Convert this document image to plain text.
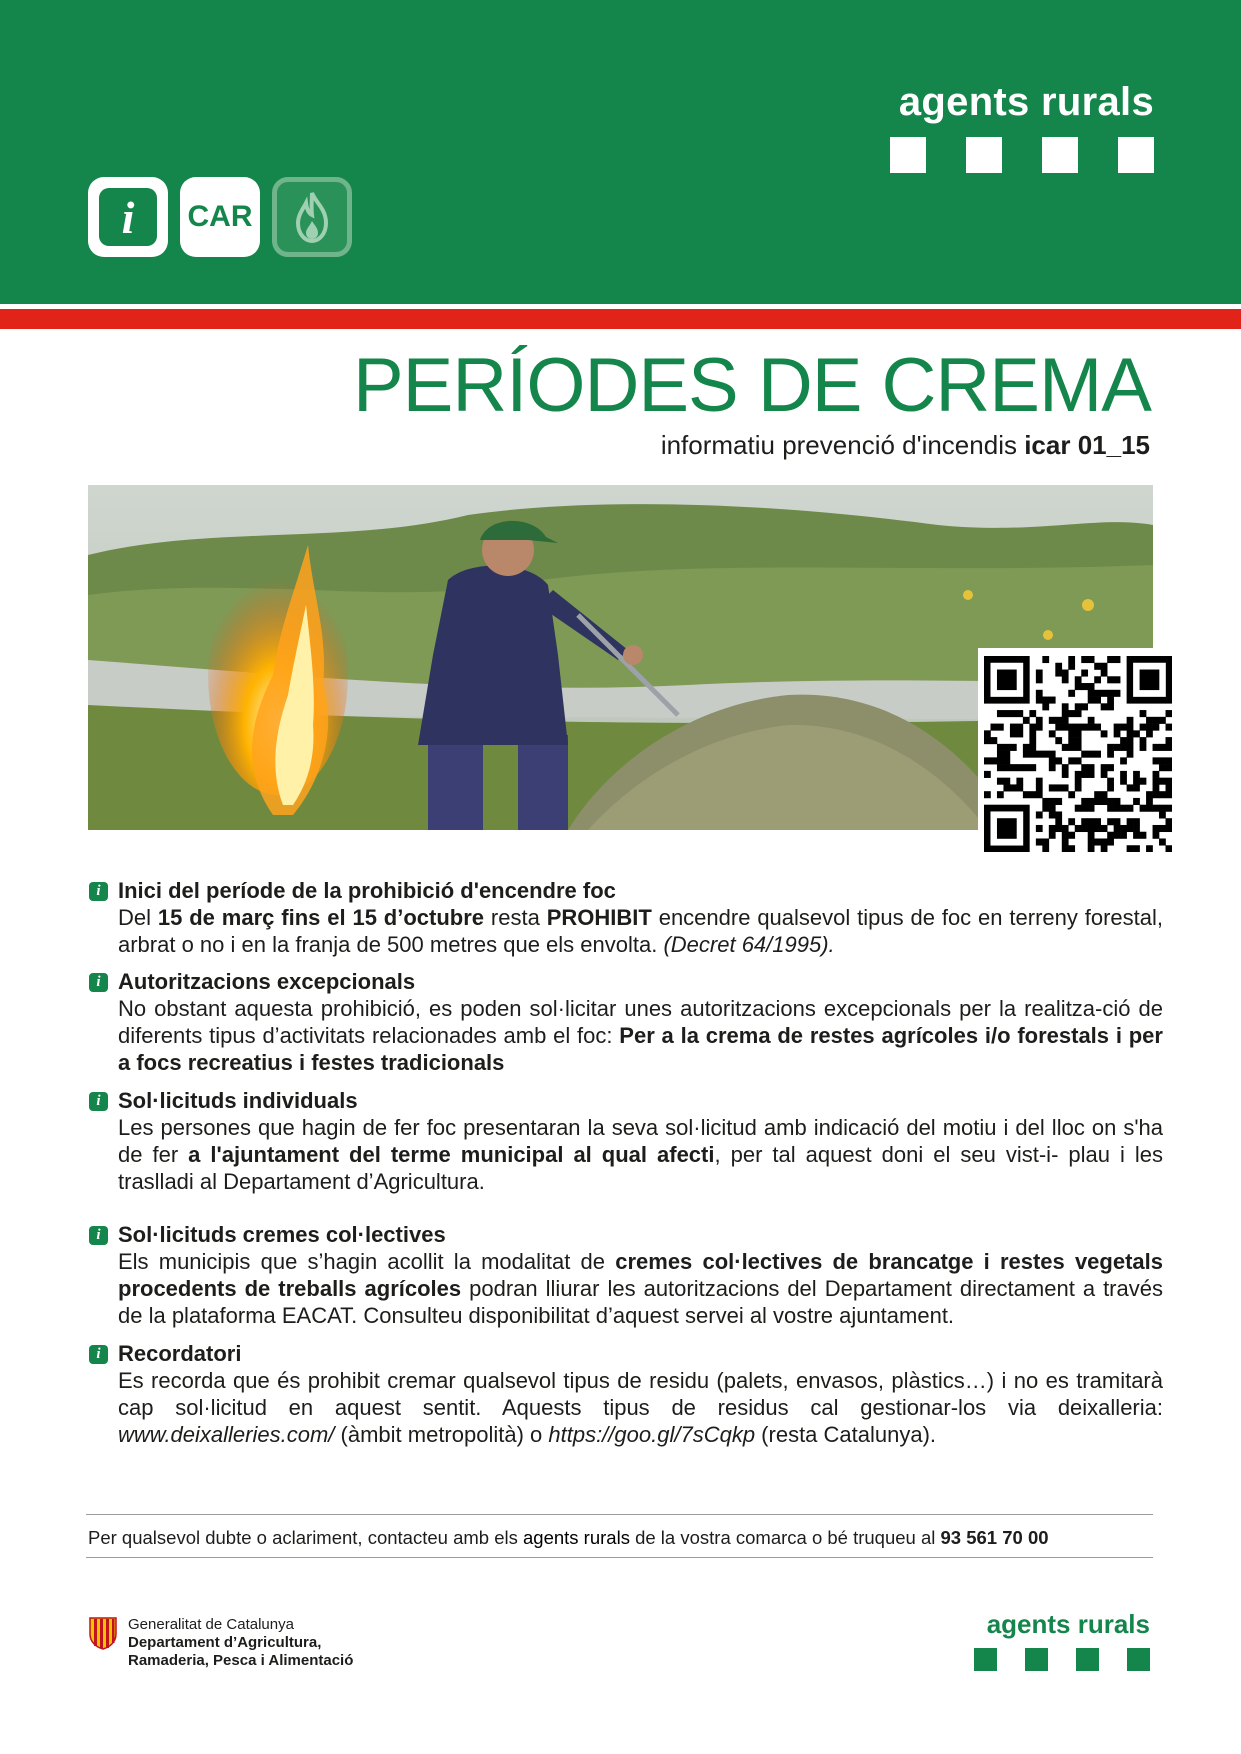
agents rurals
i	CAR
PERÍODES DE CREMA
informatiu prevenció d'incendis icar 01_15
i Inici del període de la prohibició d'encendre foc
Del 15 de març fins el 15 d’octubre resta PROHIBIT encendre qualsevol tipus de foc en terreny forestal, arbrat o no i en la franja de 500 metres que els envolta. (Decret 64/1995).
i Autoritzacions excepcionals
No obstant aquesta prohibició, es poden sol·licitar unes autoritzacions excepcionals per la realitza-ció de diferents tipus d’activitats relacionades amb el foc: Per a la crema de restes agrícoles i/o forestals i per a focs recreatius i festes tradicionals
i Sol·licituds individuals
Les persones que hagin de fer foc presentaran la seva sol·licitud amb indicació del motiu i del lloc on s'ha de fer a l'ajuntament del terme municipal al qual afecti, per tal aquest doni el seu vist-i- plau i les traslladi al Departament d’Agricultura.
i Sol·licituds cremes col·lectives
Els municipis que s’hagin acollit la modalitat de cremes col·lectives de brancatge i restes vegetals procedents de treballs agrícoles podran lliurar les autoritzacions del Departament directament a través de la plataforma EACAT. Consulteu disponibilitat d’aquest servei al vostre ajuntament.
i Recordatori
Es recorda que és prohibit cremar qualsevol tipus de residu (palets, envasos, plàstics…) i no es tramitarà cap sol·licitud en aquest sentit. Aquests tipus de residus cal gestionar-los via deixalleria: www.deixalleries.com/ (àmbit metropolità) o https://goo.gl/7sCqkp (resta Catalunya).
Per qualsevol dubte o aclariment, contacteu amb els agents rurals de la vostra comarca o bé truqueu al 93 561 70 00
Generalitat de Catalunya
Departament d’Agricultura,
Ramaderia, Pesca i Alimentació
agents rurals
